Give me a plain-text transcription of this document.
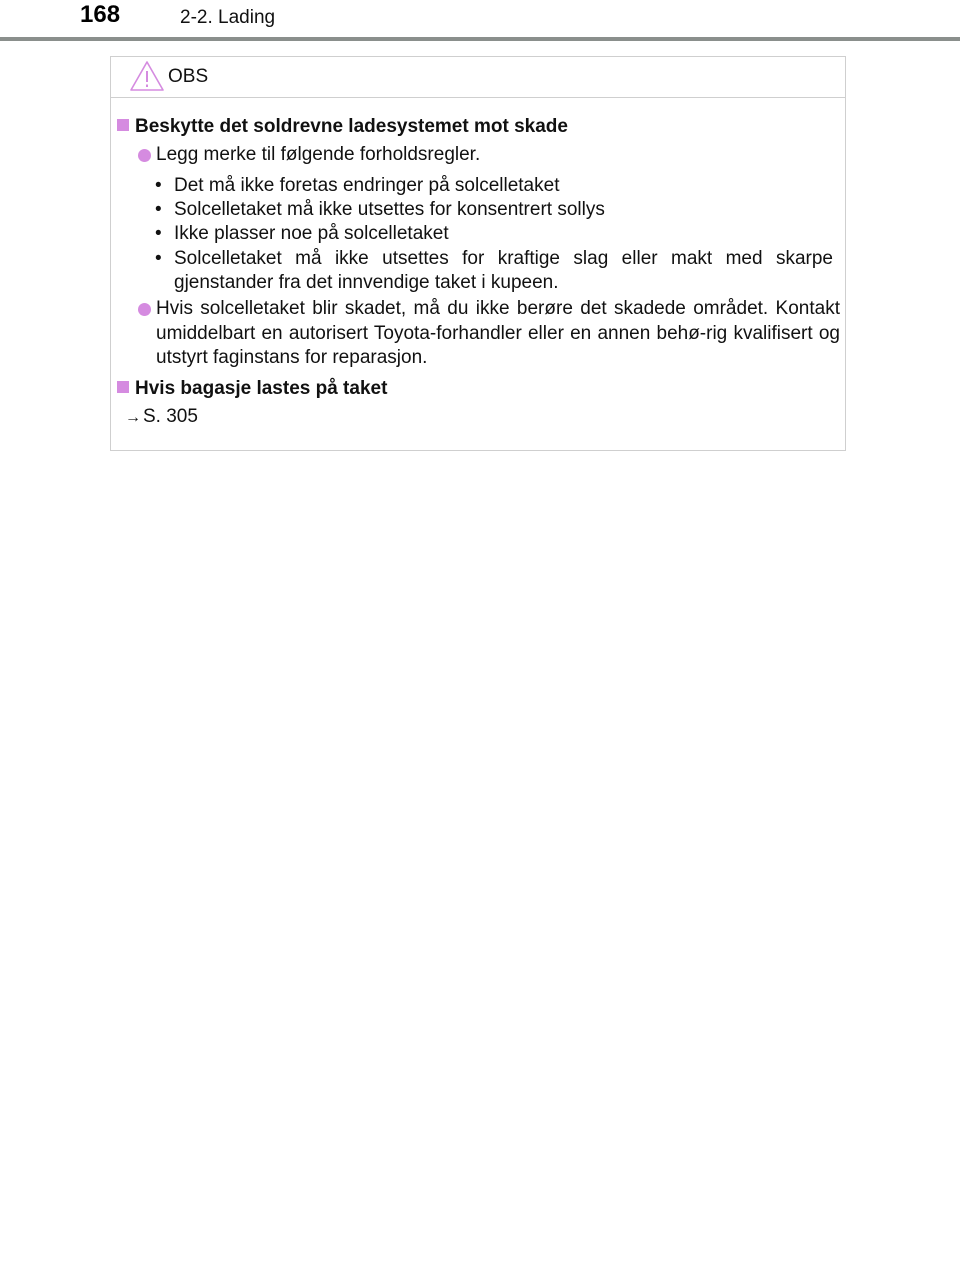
168	2-2. Lading
OBS
Beskytte det soldrevne ladesystemet mot skade
Legg merke til følgende forholdsregler.
• Det må ikke foretas endringer på solcelletaket
• Solcelletaket må ikke utsettes for konsentrert sollys
• Ikke plasser noe på solcelletaket
• Solcelletaket må ikke utsettes for kraftige slag eller makt med skarpe gjenstander fra det innvendige taket i kupeen.
Hvis solcelletaket blir skadet, må du ikke berøre det skadede området. Kontakt umiddelbart en autorisert Toyota-forhandler eller en annen behø-rig kvalifisert og utstyrt faginstans for reparasjon.
Hvis bagasje lastes på taket
→ S. 305
